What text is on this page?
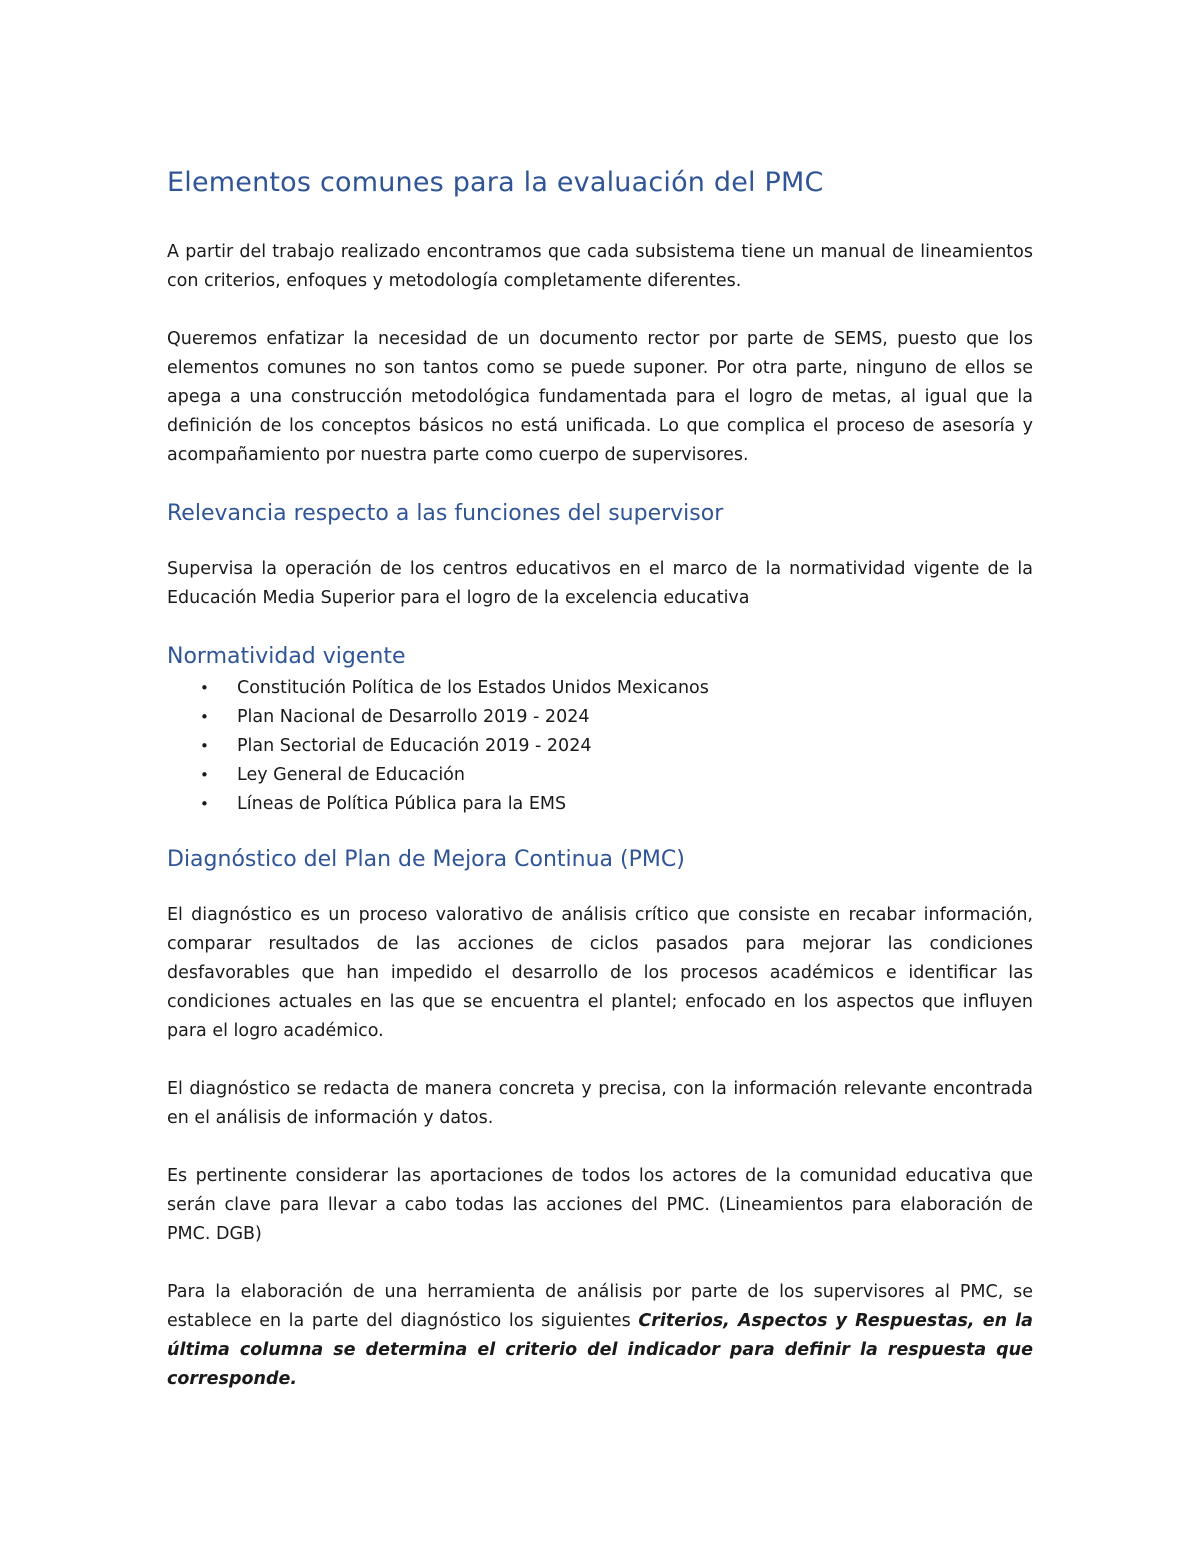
Elementos comunes para la evaluación del PMC

A partir del trabajo realizado encontramos que cada subsistema tiene un manual de lineamientos con criterios, enfoques y metodología completamente diferentes.

Queremos enfatizar la necesidad de un documento rector por parte de SEMS, puesto que los elementos comunes no son tantos como se puede suponer. Por otra parte, ninguno de ellos se apega a una construcción metodológica fundamentada para el logro de metas, al igual que la definición de los conceptos básicos no está unificada. Lo que complica el proceso de asesoría y acompañamiento por nuestra parte como cuerpo de supervisores.

Relevancia respecto a las funciones del supervisor

Supervisa la operación de los centros educativos en el marco de la normatividad vigente de la Educación Media Superior para el logro de la excelencia educativa

Normatividad vigente
• Constitución Política de los Estados Unidos Mexicanos
• Plan Nacional de Desarrollo 2019 - 2024
• Plan Sectorial de Educación 2019 - 2024
• Ley General de Educación
• Líneas de Política Pública para la EMS
Diagnóstico del Plan de Mejora Continua (PMC)

El diagnóstico es un proceso valorativo de análisis crítico que consiste en recabar información, comparar resultados de las acciones de ciclos pasados para mejorar las condiciones desfavorables que han impedido el desarrollo de los procesos académicos e identificar las condiciones actuales en las que se encuentra el plantel; enfocado en los aspectos que influyen para el logro académico.

El diagnóstico se redacta de manera concreta y precisa, con la información relevante encontrada en el análisis de información y datos.

Es pertinente considerar las aportaciones de todos los actores de la comunidad educativa que serán clave para llevar a cabo todas las acciones del PMC. (Lineamientos para elaboración de PMC. DGB)

Para la elaboración de una herramienta de análisis por parte de los supervisores al PMC, se establece en la parte del diagnóstico los siguientes Criterios, Aspectos y Respuestas, en la última columna se determina el criterio del indicador para definir la respuesta que corresponde.
